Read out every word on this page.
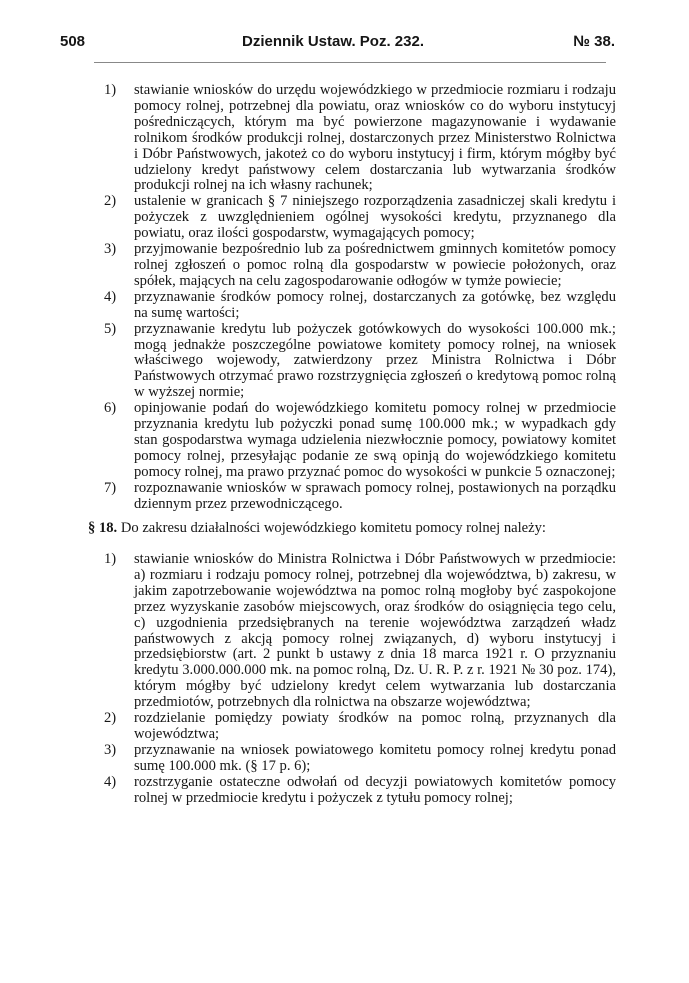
508	Dziennik Ustaw. Poz. 232.	№ 38.
1) stawianie wniosków do urzędu wojewódzkiego w przedmiocie rozmiaru i rodzaju pomocy rolnej, potrzebnej dla powiatu, oraz wniosków co do wyboru instytucyj pośredniczących, którym ma być powierzone magazynowanie i wydawanie rolnikom środków produkcji rolnej, dostarczonych przez Ministerstwo Rolnictwa i Dóbr Państwowych, jakoteż co do wyboru instytucyj i firm, którym mógłby być udzielony kredyt państwowy celem dostarczania lub wytwarzania środków produkcji rolnej na ich własny rachunek;
2) ustalenie w granicach § 7 niniejszego rozporządzenia zasadniczej skali kredytu i pożyczek z uwzględnieniem ogólnej wysokości kredytu, przyznanego dla powiatu, oraz ilości gospodarstw, wymagających pomocy;
3) przyjmowanie bezpośrednio lub za pośrednictwem gminnych komitetów pomocy rolnej zgłoszeń o pomoc rolną dla gospodarstw w powiecie położonych, oraz spółek, mających na celu zagospodarowanie odłogów w tymże powiecie;
4) przyznawanie środków pomocy rolnej, dostarczanych za gotówkę, bez względu na sumę wartości;
5) przyznawanie kredytu lub pożyczek gotówkowych do wysokości 100.000 mk.; mogą jednakże poszczególne powiatowe komitety pomocy rolnej, na wniosek właściwego wojewody, zatwierdzony przez Ministra Rolnictwa i Dóbr Państwowych otrzymać prawo rozstrzygnięcia zgłoszeń o kredytową pomoc rolną w wyższej normie;
6) opinjowanie podań do wojewódzkiego komitetu pomocy rolnej w przedmiocie przyznania kredytu lub pożyczki ponad sumę 100.000 mk.; w wypadkach gdy stan gospodarstwa wymaga udzielenia niezwłocznie pomocy, powiatowy komitet pomocy rolnej, przesyłając podanie ze swą opinją do wojewódzkiego komitetu pomocy rolnej, ma prawo przyznać pomoc do wysokości w punkcie 5 oznaczonej;
7) rozpoznawanie wniosków w sprawach pomocy rolnej, postawionych na porządku dziennym przez przewodniczącego.

§ 18. Do zakresu działalności wojewódzkiego komitetu pomocy rolnej należy:

1) stawianie wniosków do Ministra Rolnictwa i Dóbr Państwowych w przedmiocie: a) rozmiaru i rodzaju pomocy rolnej, potrzebnej dla województwa, b) zakresu, w jakim zapotrzebowanie województwa na pomoc rolną mogłoby być zaspokojone przez wyzyskanie zasobów miejscowych, oraz środków do osiągnięcia tego celu, c) uzgodnienia przedsiębranych na terenie województwa zarządzeń władz państwowych z akcją pomocy rolnej związanych, d) wyboru instytucyj i przedsiębiorstw (art. 2 punkt b ustawy z dnia 18 marca 1921 r. O przyznaniu kredytu 3.000.000.000 mk. na pomoc rolną, Dz. U. R. P. z r. 1921 № 30 poz. 174), którym mógłby być udzielony kredyt celem wytwarzania lub dostarczania przedmiotów, potrzebnych dla rolnictwa na obszarze województwa;
2) rozdzielanie pomiędzy powiaty środków na pomoc rolną, przyznanych dla województwa;
3) przyznawanie na wniosek powiatowego komitetu pomocy rolnej kredytu ponad sumę 100.000 mk. (§ 17 p. 6);
4) rozstrzyganie ostateczne odwołań od decyzji powiatowych komitetów pomocy rolnej w przedmiocie kredytu i pożyczek z tytułu pomocy rolnej;
